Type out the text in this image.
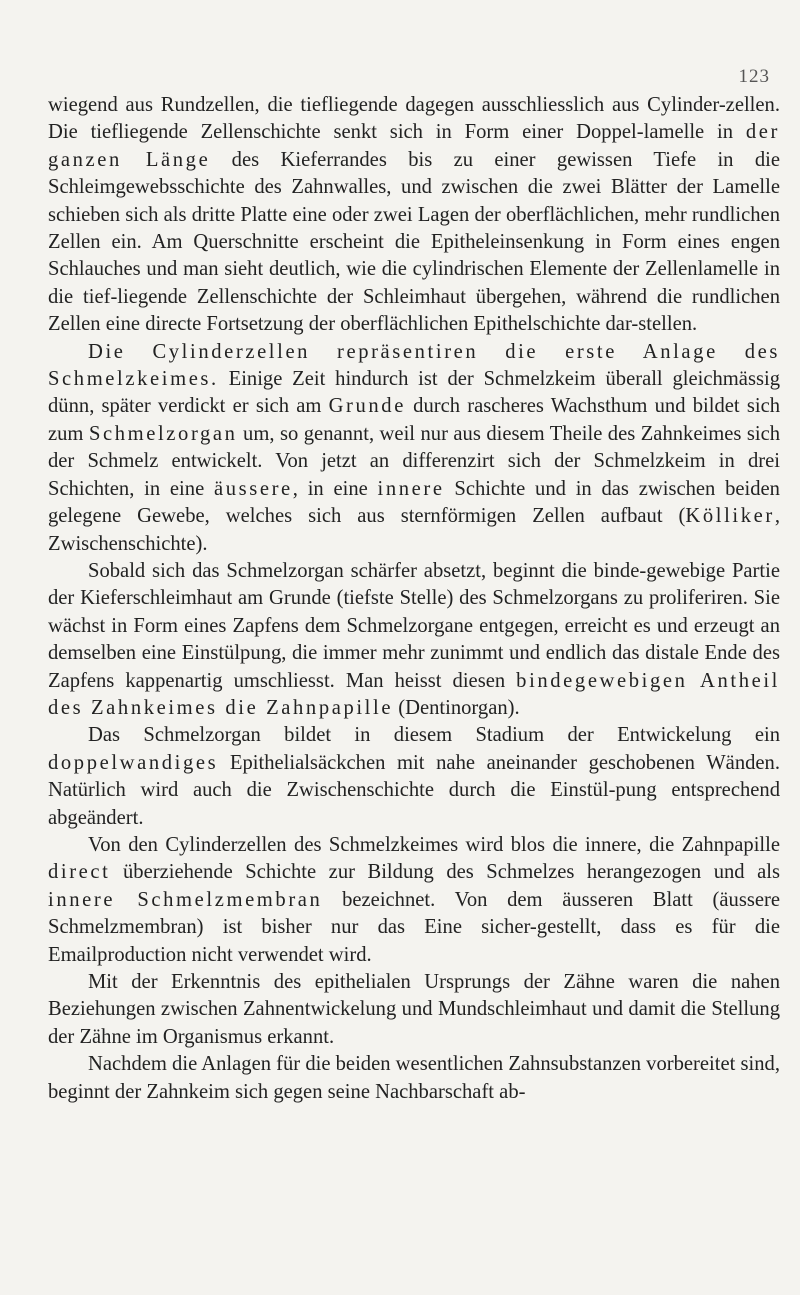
123

wiegend aus Rundzellen, die tiefliegende dagegen ausschliesslich aus Cylinder-zellen. Die tiefliegende Zellenschichte senkt sich in Form einer Doppel-lamelle in der ganzen Länge des Kieferrandes bis zu einer gewissen Tiefe in die Schleimgewebsschichte des Zahnwalles, und zwischen die zwei Blätter der Lamelle schieben sich als dritte Platte eine oder zwei Lagen der oberflächlichen, mehr rundlichen Zellen ein. Am Querschnitte erscheint die Epitheleinsenkung in Form eines engen Schlauches und man sieht deutlich, wie die cylindrischen Elemente der Zellenlamelle in die tief-liegende Zellenschichte der Schleimhaut übergehen, während die rundlichen Zellen eine directe Fortsetzung der oberflächlichen Epithelschichte dar-stellen.

Die Cylinderzellen repräsentiren die erste Anlage des Schmelzkeimes. Einige Zeit hindurch ist der Schmelzkeim überall gleichmässig dünn, später verdickt er sich am Grunde durch rascheres Wachsthum und bildet sich zum Schmelzorgan um, so genannt, weil nur aus diesem Theile des Zahnkeimes sich der Schmelz entwickelt. Von jetzt an differenzirt sich der Schmelzkeim in drei Schichten, in eine äussere, in eine innere Schichte und in das zwischen beiden gelegene Gewebe, welches sich aus sternförmigen Zellen aufbaut (Kölliker, Zwischenschichte).

Sobald sich das Schmelzorgan schärfer absetzt, beginnt die binde-gewebige Partie der Kieferschleimhaut am Grunde (tiefste Stelle) des Schmelzorgans zu proliferiren. Sie wächst in Form eines Zapfens dem Schmelzorgane entgegen, erreicht es und erzeugt an demselben eine Einstülpung, die immer mehr zunimmt und endlich das distale Ende des Zapfens kappenartig umschliesst. Man heisst diesen bindegewebigen Antheil des Zahnkeimes die Zahnpapille (Dentinorgan).

Das Schmelzorgan bildet in diesem Stadium der Entwickelung ein doppelwandiges Epithelialsäckchen mit nahe aneinander geschobenen Wänden. Natürlich wird auch die Zwischenschichte durch die Einstül-pung entsprechend abgeändert.

Von den Cylinderzellen des Schmelzkeimes wird blos die innere, die Zahnpapille direct überziehende Schichte zur Bildung des Schmelzes herangezogen und als innere Schmelzmembran bezeichnet. Von dem äusseren Blatt (äussere Schmelzmembran) ist bisher nur das Eine sicher-gestellt, dass es für die Emailproduction nicht verwendet wird.

Mit der Erkenntnis des epithelialen Ursprungs der Zähne waren die nahen Beziehungen zwischen Zahnentwickelung und Mundschleimhaut und damit die Stellung der Zähne im Organismus erkannt.

Nachdem die Anlagen für die beiden wesentlichen Zahnsubstanzen vorbereitet sind, beginnt der Zahnkeim sich gegen seine Nachbarschaft ab-
